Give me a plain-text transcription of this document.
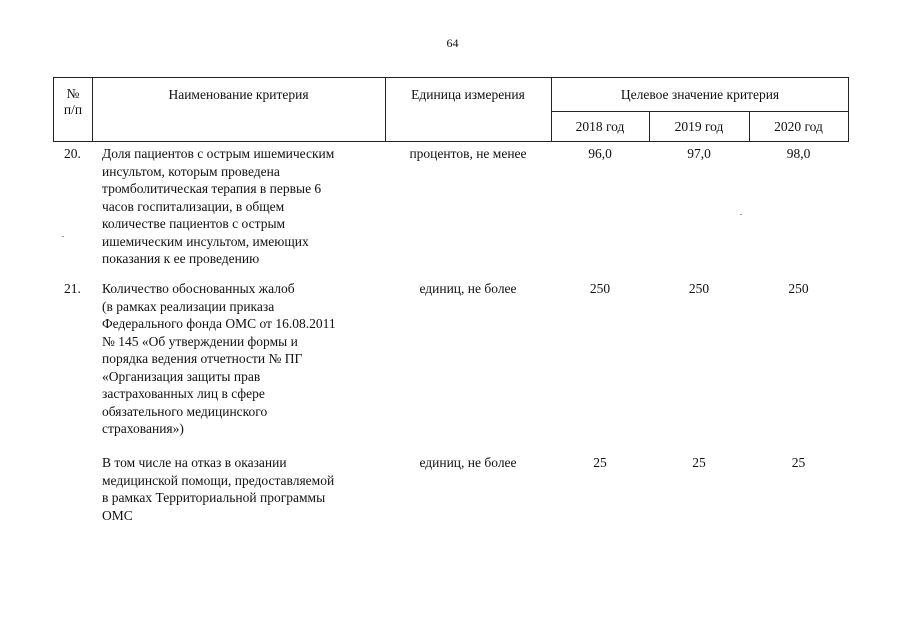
64
№
п/п
Наименование критерия	Единица измерения	Целевое значение критерия
2018 год	2019 год	2020 год
20. Доля пациентов с острым ишемическим
инсультом, которым проведена
тромболитическая терапия в первые 6
часов госпитализации, в общем
количестве пациентов с острым
ишемическим инсультом, имеющих
показания к ее проведению
процентов, не менее	96,0	97,0	98,0
21. Количество обоснованных жалоб
(в рамках реализации приказа
Федерального фонда ОМС от 16.08.2011
№ 145 «Об утверждении формы и
порядка ведения отчетности № ПГ
«Организация защиты прав
застрахованных лиц в сфере
обязательного медицинского
страхования»)
единиц, не более	250	250	250
В том числе на отказ в оказании
медицинской помощи, предоставляемой
в рамках Территориальной программы
ОМС
единиц, не более	25	25	25
